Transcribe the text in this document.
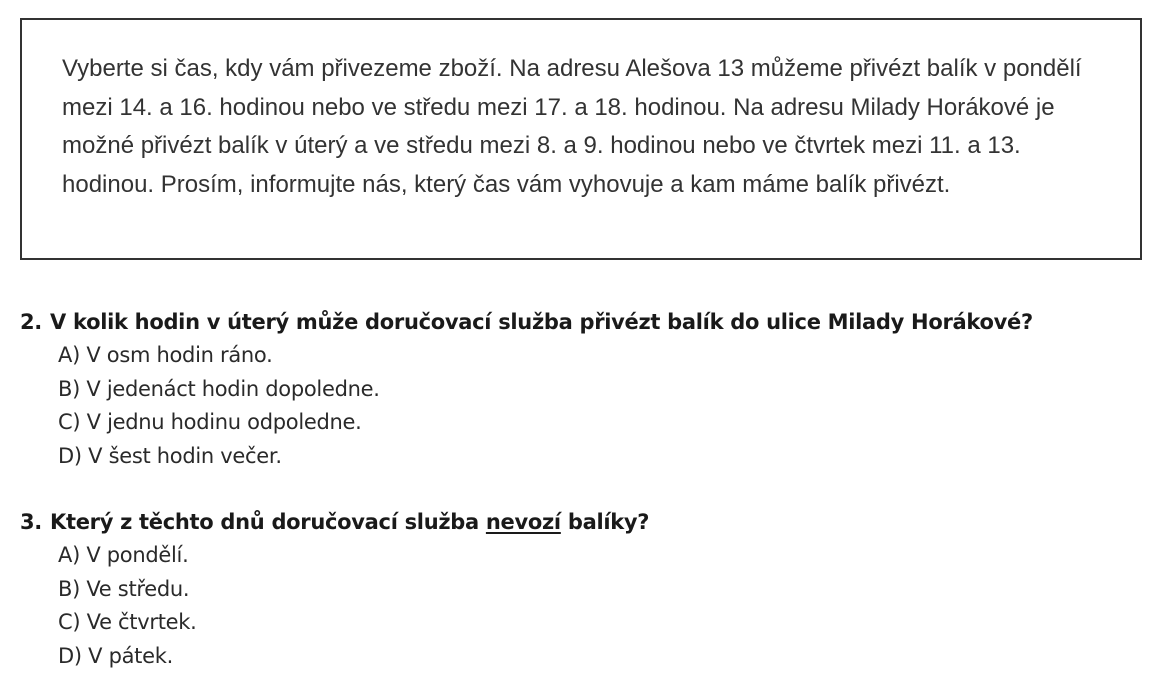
Vyberte si čas, kdy vám přivezeme zboží. Na adresu Alešova 13 můžeme přivézt balík v pondělí mezi 14. a 16. hodinou nebo ve středu mezi 17. a 18. hodinou. Na adresu Milady Horákové je možné přivézt balík v úterý a ve středu mezi 8. a 9. hodinou nebo ve čtvrtek mezi 11. a 13. hodinou. Prosím, informujte nás, který čas vám vyhovuje a kam máme balík přivézt.

2. V kolik hodin v úterý může doručovací služba přivézt balík do ulice Milady Horákové?
A) V osm hodin ráno.
B) V jedenáct hodin dopoledne.
C) V jednu hodinu odpoledne.
D) V šest hodin večer.
3. Který z těchto dnů doručovací služba nevozí balíky?
A) V pondělí.
B) Ve středu.
C) Ve čtvrtek.
D) V pátek.
